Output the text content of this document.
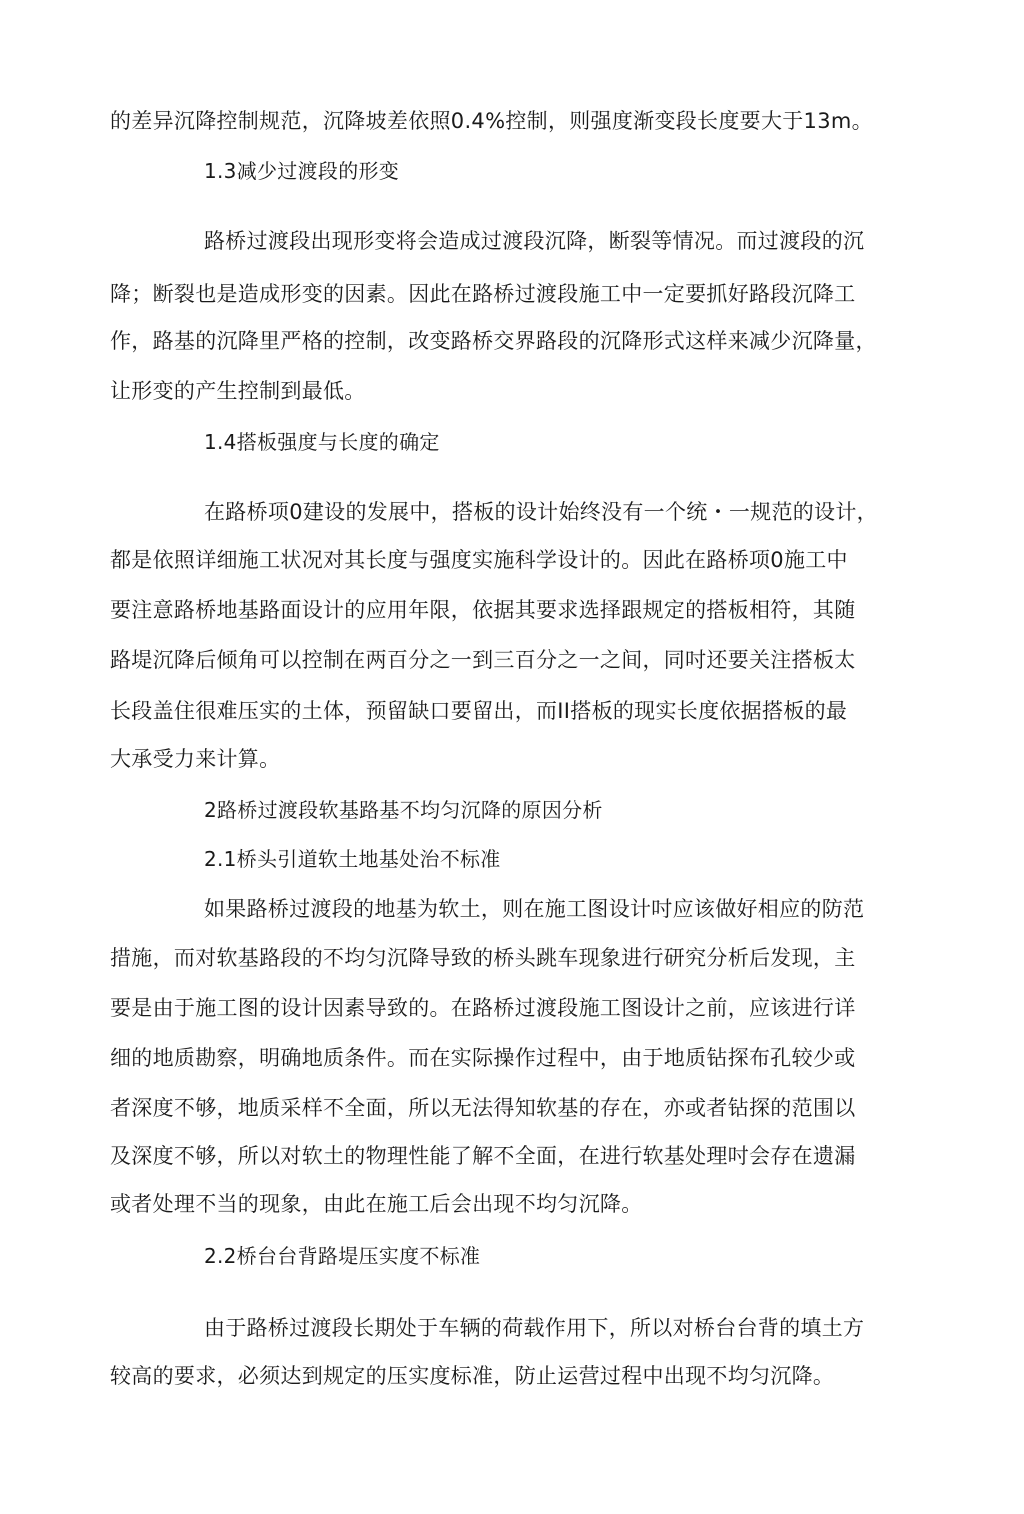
的差异沉降控制规范，沉降坡差依照0.4%控制，则强度渐变段长度要大于13m。
1.3减少过渡段的形变
路桥过渡段出现形变将会造成过渡段沉降，断裂等情况。而过渡段的沉
降；断裂也是造成形变的因素。因此在路桥过渡段施工中一定要抓好路段沉降工
作，路基的沉降里严格的控制，改变路桥交界路段的沉降形式这样来减少沉降量，
让形变的产生控制到最低。
1.4搭板强度与长度的确定
在路桥项0建设的发展中，搭板的设计始终没有一个统・一规范的设计，
都是依照详细施工状况对其长度与强度实施科学设计的。因此在路桥项0施工中
要注意路桥地基路面设计的应用年限，依据其要求选择跟规定的搭板相符，其随
路堤沉降后倾角可以控制在两百分之一到三百分之一之间，同吋还要关注搭板太
长段盖住很难压实的土体，预留缺口要留出，而II搭板的现实长度依据搭板的最
大承受力来计算。
2路桥过渡段软基路基不均匀沉降的原因分析
2.1桥头引道软土地基处治不标准
如果路桥过渡段的地基为软土，则在施工图设计吋应该做好相应的防范
措施，而对软基路段的不均匀沉降导致的桥头跳车现象进行研究分析后发现，主
要是由于施工图的设计因素导致的。在路桥过渡段施工图设计之前，应该进行详
细的地质勘察，明确地质条件。而在实际操作过程中，由于地质钻探布孔较少或
者深度不够，地质采样不全面，所以无法得知软基的存在，亦或者钻探的范围以
及深度不够，所以对软土的物理性能了解不全面，在进行软基处理吋会存在遗漏
或者处理不当的现象，由此在施工后会出现不均匀沉降。
2.2桥台台背路堤压实度不标准
由于路桥过渡段长期处于车辆的荷载作用下，所以对桥台台背的填土方
较高的要求，必须达到规定的压实度标准，防止运营过程中出现不均匀沉降。
